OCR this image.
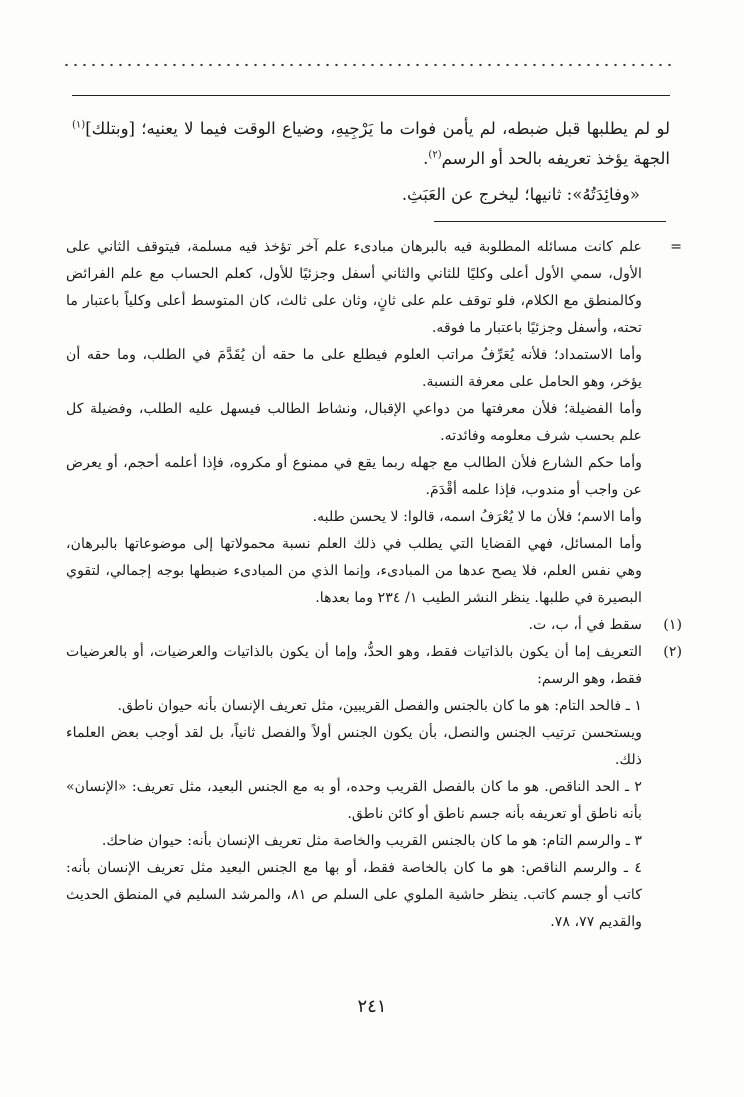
لو لم يطلبها قبل ضبطه، لم يأمن فوات ما يَرْجِيهِ، وضياع الوقت فيما لا يعنيه؛ [وبتلك]$^{(١)}$ الجهة يؤخذ تعريفه بالحد أو الرسم$^{(٢)}$.

«وفائِدَتُهُ»: ثانيها؛ ليخرج عن العَبَثِ.

=

علم كانت مسائله المطلوبة فيه بالبرهان مبادىء علم آخر تؤخذ فيه مسلمة، فيتوقف الثاني على الأول، سمي الأول أعلى وكليًا للثاني والثاني أسفل وجزئيًا للأول، كعلم الحساب مع علم الفرائض وكالمنطق مع الكلام، فلو توقف علم على ثانٍ، وثان على ثالث، كان المتوسط أعلى وكلياً باعتبار ما تحته، وأسفل وجزئيًا باعتبار ما فوقه.

وأما الاستمداد؛ فلأنه يُعَرِّفُ مراتب العلوم فيطلع على ما حقه أن يُقَدَّمَ في الطلب، وما حقه أن يؤخر، وهو الحامل على معرفة النسبة.

وأما الفضيلة؛ فلأن معرفتها من دواعي الإقبال، ونشاط الطالب فيسهل عليه الطلب، وفضيلة كل علم بحسب شرف معلومه وفائدته.

وأما حكم الشارع فلأن الطالب مع جهله ربما يقع في ممنوع أو مكروه، فإذا أعلمه أحجم، أو يعرض عن واجب أو مندوب، فإذا علمه أقْدَمَ.

وأما الاسم؛ فلأن ما لا يُعْرَفُ اسمه، قالوا: لا يحسن طلبه.

وأما المسائل، فهي القضايا التي يطلب في ذلك العلم نسبة محمولاتها إلى موضوعاتها بالبرهان، وهي نفس العلم، فلا يصح عدها من المبادىء، وإنما الذي من المبادىء ضبطها بوجه إجمالي، لتقوي البصيرة في طلبها. ينظر النشر الطيب ١/ ٢٣٤ وما بعدها.

(١)

سقط في أ، ب، ت.

(٢)

التعريف إما أن يكون بالذاتيات فقط، وهو الحدُّ، وإما أن يكون بالذاتيات والعرضيات، أو بالعرضيات فقط، وهو الرسم:

١ ـ فالحد التام: هو ما كان بالجنس والفصل القريبين، مثل تعريف الإنسان بأنه حيوان ناطق.

ويستحسن ترتيب الجنس والنصل، بأن يكون الجنس أولاً والفصل ثانياً، بل لقد أوجب بعض العلماء ذلك.

٢ ـ الحد الناقص. هو ما كان بالفصل القريب وحده، أو به مع الجنس البعيد، مثل تعريف: «الإنسان» بأنه ناطق أو تعريفه بأنه جسم ناطق أو كائن ناطق.

٣ ـ والرسم التام: هو ما كان بالجنس القريب والخاصة مثل تعريف الإنسان بأنه: حيوان ضاحك.

٤ ـ والرسم الناقص: هو ما كان بالخاصة فقط، أو بها مع الجنس البعيد مثل تعريف الإنسان بأنه: كاتب أو جسم كاتب. ينظر حاشية الملوي على السلم ص ٨١، والمرشد السليم في المنطق الحديث والقديم ٧٧، ٧٨.

٢٤١
